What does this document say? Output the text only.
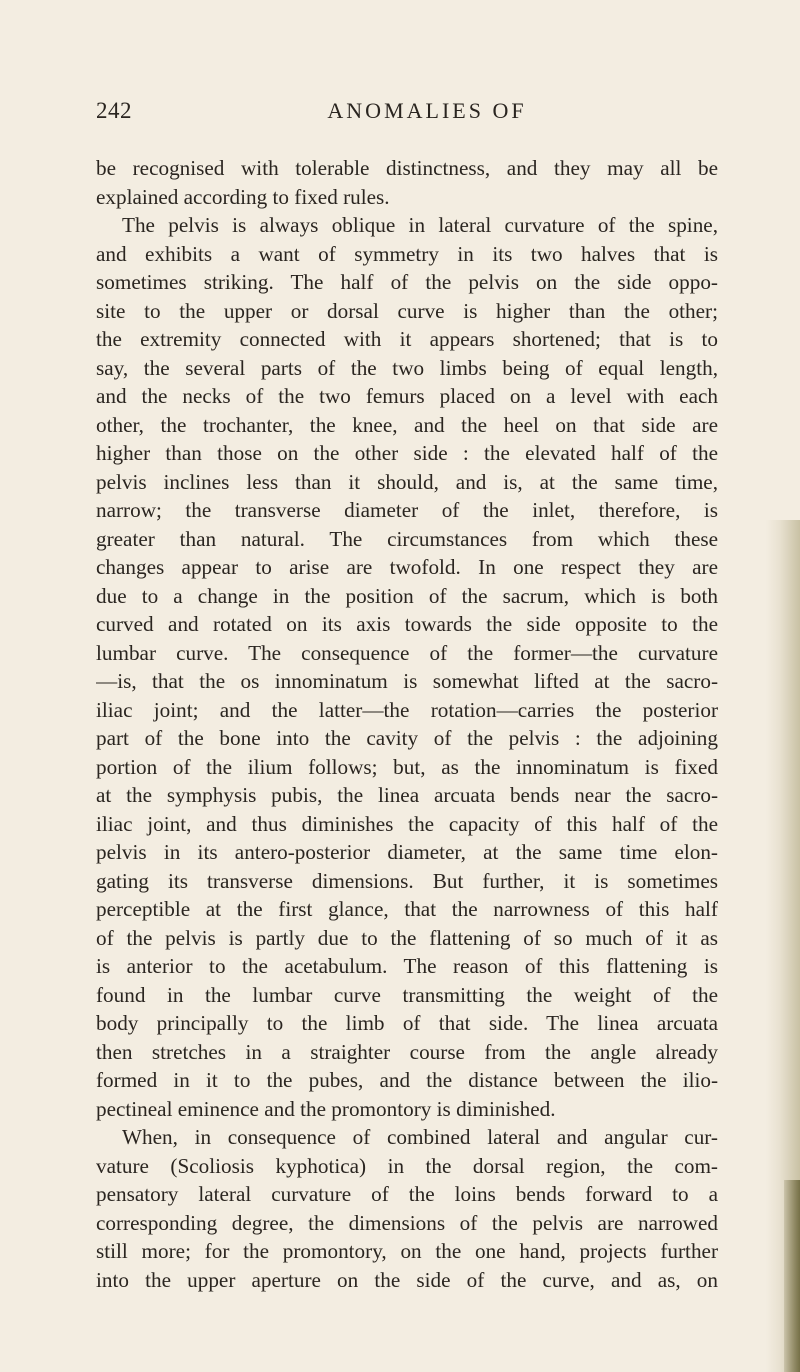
242	ANOMALIES OF
be recognised with tolerable distinctness, and they may all be
explained according to fixed rules.
The pelvis is always oblique in lateral curvature of the spine,
and exhibits a want of symmetry in its two halves that is
sometimes striking. The half of the pelvis on the side oppo-
site to the upper or dorsal curve is higher than the other;
the extremity connected with it appears shortened; that is to
say, the several parts of the two limbs being of equal length,
and the necks of the two femurs placed on a level with each
other, the trochanter, the knee, and the heel on that side are
higher than those on the other side : the elevated half of the
pelvis inclines less than it should, and is, at the same time,
narrow; the transverse diameter of the inlet, therefore, is
greater than natural. The circumstances from which these
changes appear to arise are twofold. In one respect they are
due to a change in the position of the sacrum, which is both
curved and rotated on its axis towards the side opposite to the
lumbar curve. The consequence of the former—the curvature
—is, that the os innominatum is somewhat lifted at the sacro-
iliac joint; and the latter—the rotation—carries the posterior
part of the bone into the cavity of the pelvis : the adjoining
portion of the ilium follows; but, as the innominatum is fixed
at the symphysis pubis, the linea arcuata bends near the sacro-
iliac joint, and thus diminishes the capacity of this half of the
pelvis in its antero-posterior diameter, at the same time elon-
gating its transverse dimensions. But further, it is sometimes
perceptible at the first glance, that the narrowness of this half
of the pelvis is partly due to the flattening of so much of it as
is anterior to the acetabulum. The reason of this flattening is
found in the lumbar curve transmitting the weight of the
body principally to the limb of that side. The linea arcuata
then stretches in a straighter course from the angle already
formed in it to the pubes, and the distance between the ilio-
pectineal eminence and the promontory is diminished.
When, in consequence of combined lateral and angular cur-
vature (Scoliosis kyphotica) in the dorsal region, the com-
pensatory lateral curvature of the loins bends forward to a
corresponding degree, the dimensions of the pelvis are narrowed
still more; for the promontory, on the one hand, projects further
into the upper aperture on the side of the curve, and as, on
